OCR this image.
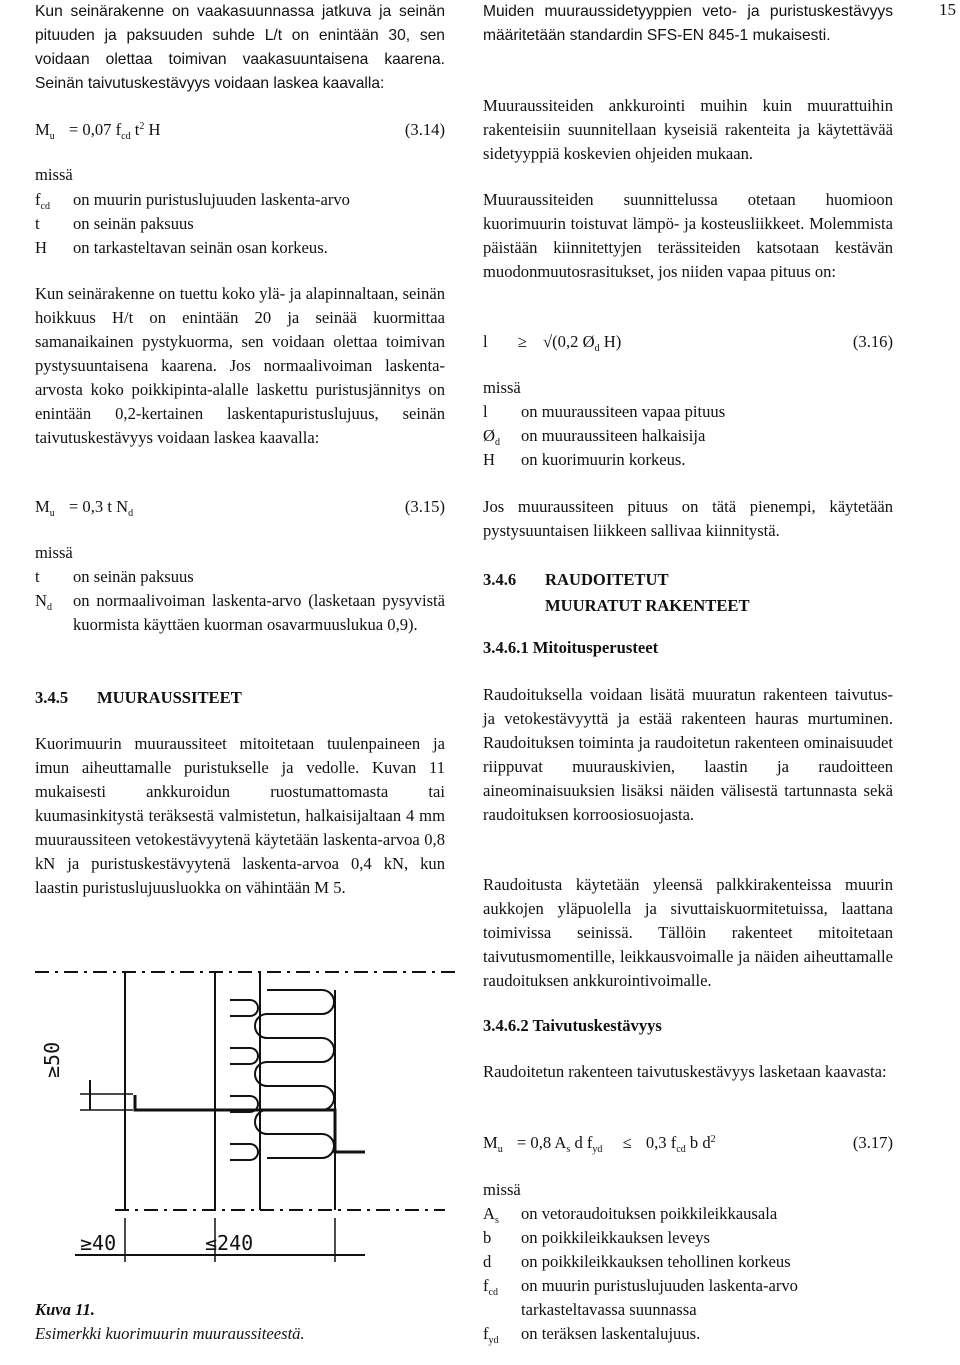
15

Kun seinärakenne on vaakasuunnassa jatkuva ja seinän pituuden ja paksuuden suhde L/t on enintään 30, sen voidaan olettaa toimivan vaakasuuntaisena kaarena. Seinän taivutuskestävyys voidaan laskea kaavalla:

$M_u = 0,07$ $f_{cd}$ $t^2$ H	(3.14)
missä
$f_{cd}$ on muurin puristuslujuuden laskenta-arvo
t on seinän paksuus
H on tarkasteltavan seinän osan korkeus.

Kun seinärakenne on tuettu koko ylä- ja alapinnaltaan, seinän hoikkuus H/t on enintään 20 ja seinää kuormittaa samanaikainen pystykuorma, sen voidaan olettaa toimivan pystysuuntaisena kaarena. Jos normaalivoiman laskenta-arvosta koko poikkipinta-alalle laskettu puristusjännitys on enintään 0,2-kertainen laskentapuristuslujuus, seinän taivutuskestävyys voidaan laskea kaavalla:

$M_u = 0,3$ t $N_d$	(3.15)
missä
t on seinän paksuus
$N_d$ on normaalivoiman laskenta-arvo (lasketaan pysyvistä kuormista käyttäen kuorman osavarmuuslukua 0,9).
3.4.5 MUURAUSSITEET

Kuorimuurin muuraussiteet mitoitetaan tuulenpaineen ja imun aiheuttamalle puristukselle ja vedolle. Kuvan 11 mukaisesti ankkuroidun ruostumattomasta tai kuumasinkitystä teräksestä valmistetun, halkaisijaltaan 4 mm muuraussiteen vetokestävyytenä käytetään laskenta-arvoa 0,8 kN ja puristuskestävyytenä laskenta-arvoa 0,4 kN, kun laastin puristuslujuusluokka on vähintään M 5.

≥50
≥40	≤240
Kuva 11.
Esimerkki kuorimuurin muuraussiteestä.

Muiden muuraussidetyyppien veto- ja puristuskestävyys määritetään standardin SFS-EN 845-1 mukaisesti.

Muuraussiteiden ankkurointi muihin kuin muurattuihin rakenteisiin suunnitellaan kyseisiä rakenteita ja käytettävää sidetyyppiä koskevien ohjeiden mukaan.

Muuraussiteiden suunnittelussa otetaan huomioon kuorimuurin toistuvat lämpö- ja kosteusliikkeet. Molemmista päistään kiinnitettyjen terässiteiden katsotaan kestävän muodonmuutosrasitukset, jos niiden vapaa pituus on:

l ≥ √(0,2 $Ø_d$ H)	(3.16)
missä
l on muuraussiteen vapaa pituus
$Ø_d$ on muuraussiteen halkaisija
H on kuorimuurin korkeus.

Jos muuraussiteen pituus on tätä pienempi, käytetään pystysuuntaisen liikkeen sallivaa kiinnitystä.

3.4.6 RAUDOITETUT
MUURATUT RAKENTEET
3.4.6.1 Mitoitusperusteet

Raudoituksella voidaan lisätä muuratun rakenteen taivutus- ja vetokestävyyttä ja estää rakenteen hauras murtuminen. Raudoituksen toiminta ja raudoitetun rakenteen ominaisuudet riippuvat muurauskivien, laastin ja raudoitteen aineominaisuuksien lisäksi näiden välisestä tartunnasta sekä raudoituksen korroosiosuojasta.

Raudoitusta käytetään yleensä palkkirakenteissa muurin aukkojen yläpuolella ja sivuttaiskuormitetuissa, laattana toimivissa seinissä. Tällöin rakenteet mitoitetaan taivutusmomentille, leikkausvoimalle ja näiden aiheuttamalle raudoituksen ankkurointivoimalle.

3.4.6.2 Taivutuskestävyys

Raudoitetun rakenteen taivutuskestävyys lasketaan kaavasta:

$M_u = 0,8$ $A_s$ d $f_{yd} \le 0,3$ $f_{cd}$ b $d^2$	(3.17)
missä
$A_s$ on vetoraudoituksen poikkileikkausala
b on poikkileikkauksen leveys
d on poikkileikkauksen tehollinen korkeus
$f_{cd}$ on muurin puristuslujuuden laskenta-arvo tarkasteltavassa suunnassa
$f_{yd}$ on teräksen laskentalujuus.
